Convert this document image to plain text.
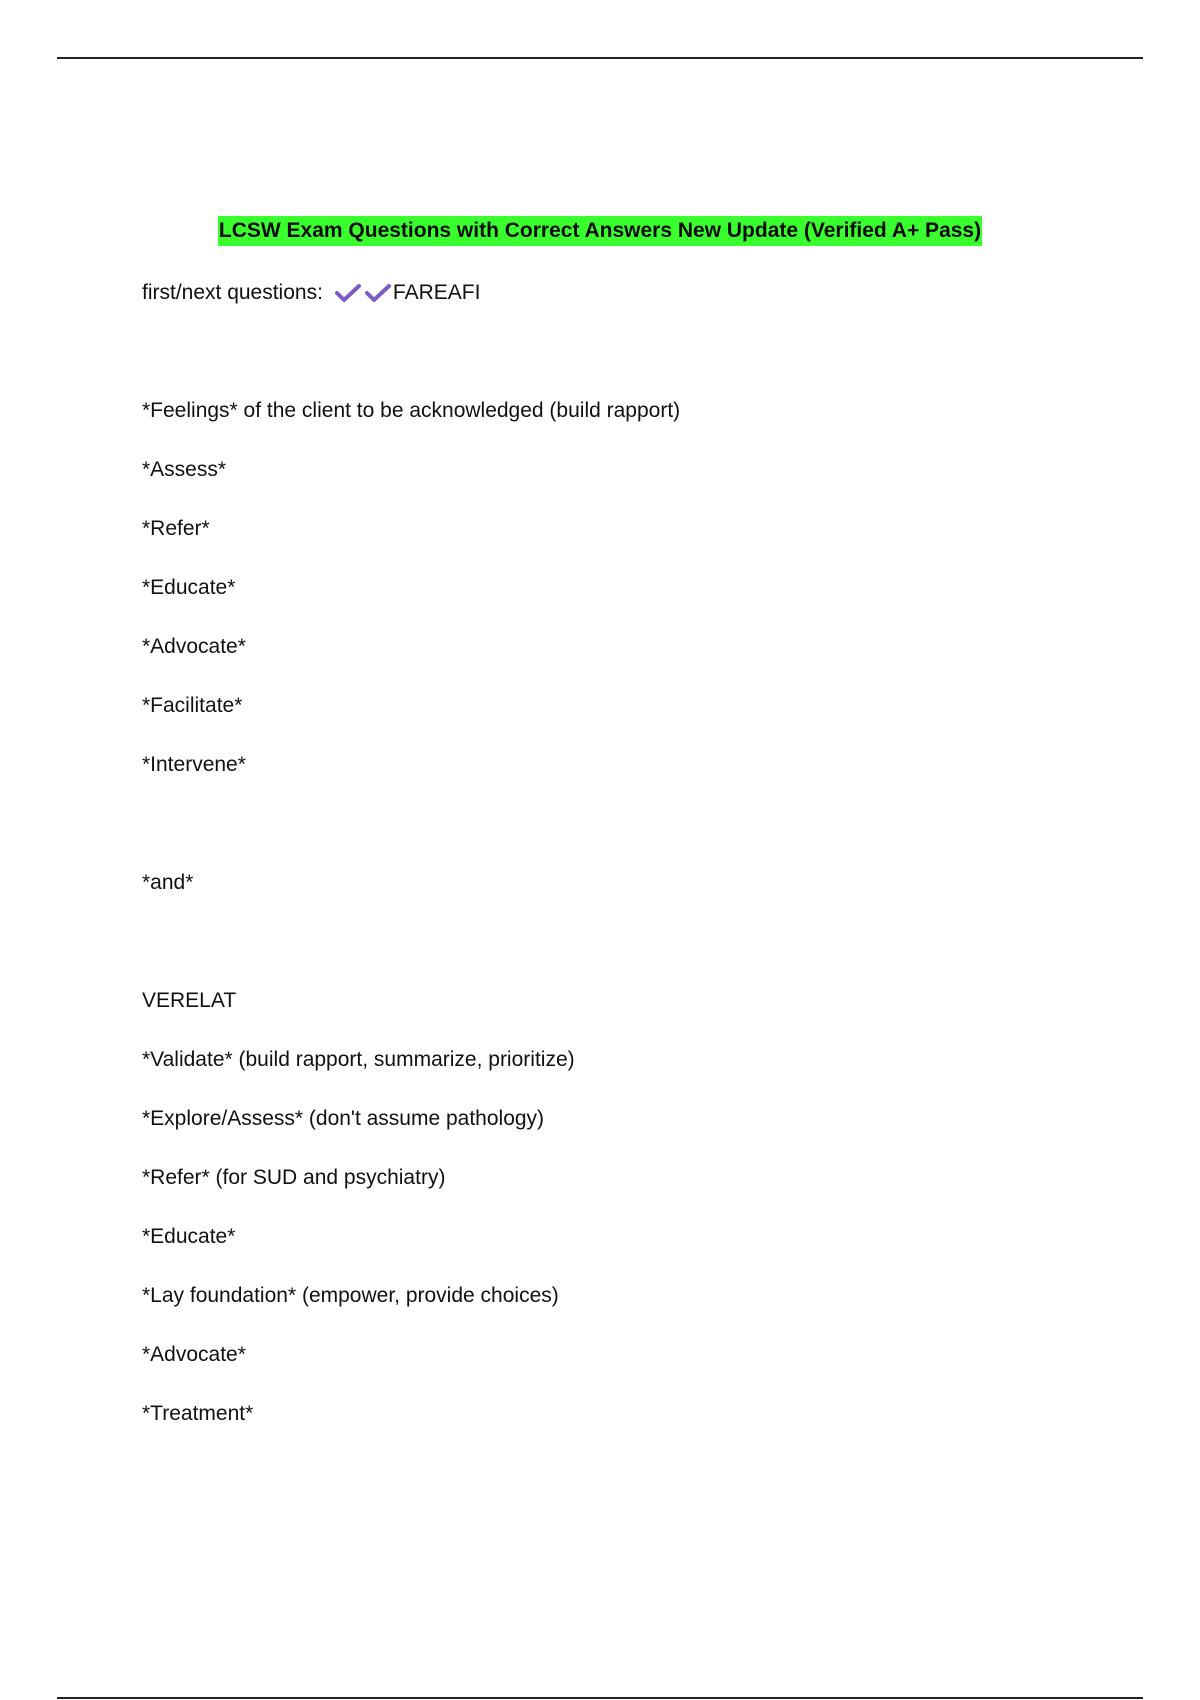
LCSW Exam Questions with Correct Answers New Update (Verified A+ Pass)
first/next questions:	FAREAFI
*Feelings* of the client to be acknowledged (build rapport)
*Assess*
*Refer*
*Educate*
*Advocate*
*Facilitate*
*Intervene*
*and*
VERELAT
*Validate* (build rapport, summarize, prioritize)
*Explore/Assess* (don't assume pathology)
*Refer* (for SUD and psychiatry)
*Educate*
*Lay foundation* (empower, provide choices)
*Advocate*
*Treatment*
